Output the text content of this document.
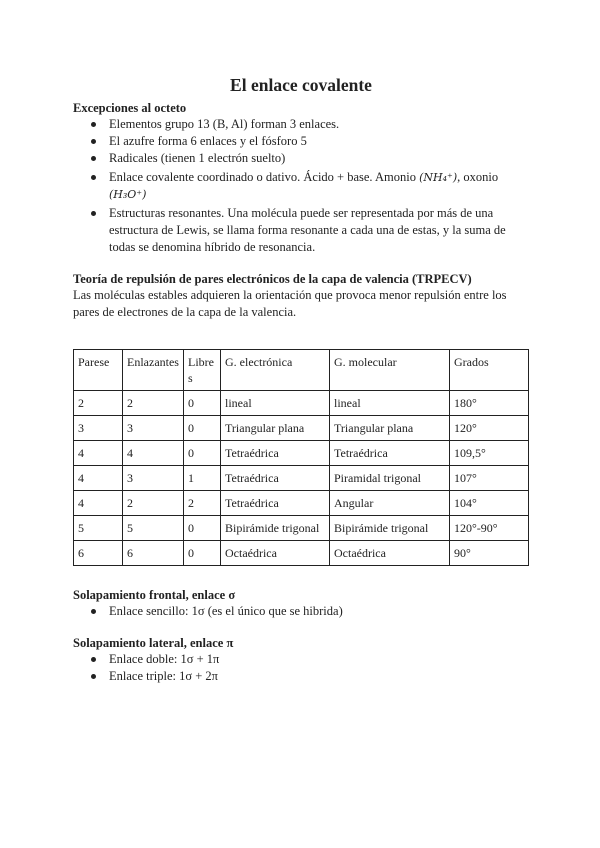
El enlace covalente
Excepciones al octeto
Elementos grupo 13 (B, Al) forman 3 enlaces.
El azufre forma 6 enlaces y el fósforo 5
Radicales (tienen 1 electrón suelto)
Enlace covalente coordinado o dativo. Ácido + base. Amonio (NH₄⁺), oxonio (H₃O⁺)
Estructuras resonantes. Una molécula puede ser representada por más de una estructura de Lewis, se llama forma resonante a cada una de estas, y la suma de todas se denomina híbrido de resonancia.
Teoría de repulsión de pares electrónicos de la capa de valencia (TRPECV)

Las moléculas estables adquieren la orientación que provoca menor repulsión entre los pares de electrones de la capa de la valencia.

Parese	Enlazantes	Libres	G. electrónica	G. molecular	Grados
2	2	0	lineal	lineal	180°
3	3	0	Triangular plana	Triangular plana	120°
4	4	0	Tetraédrica	Tetraédrica	109,5°
4	3	1	Tetraédrica	Piramidal trigonal	107°
4	2	2	Tetraédrica	Angular	104°
5	5	0	Bipirámide trigonal	Bipirámide trigonal	120°-90°
6	6	0	Octaédrica	Octaédrica	90°
Solapamiento frontal, enlace σ
Enlace sencillo: 1σ (es el único que se hibrida)
Solapamiento lateral, enlace π
Enlace doble: 1σ + 1π
Enlace triple: 1σ + 2π
